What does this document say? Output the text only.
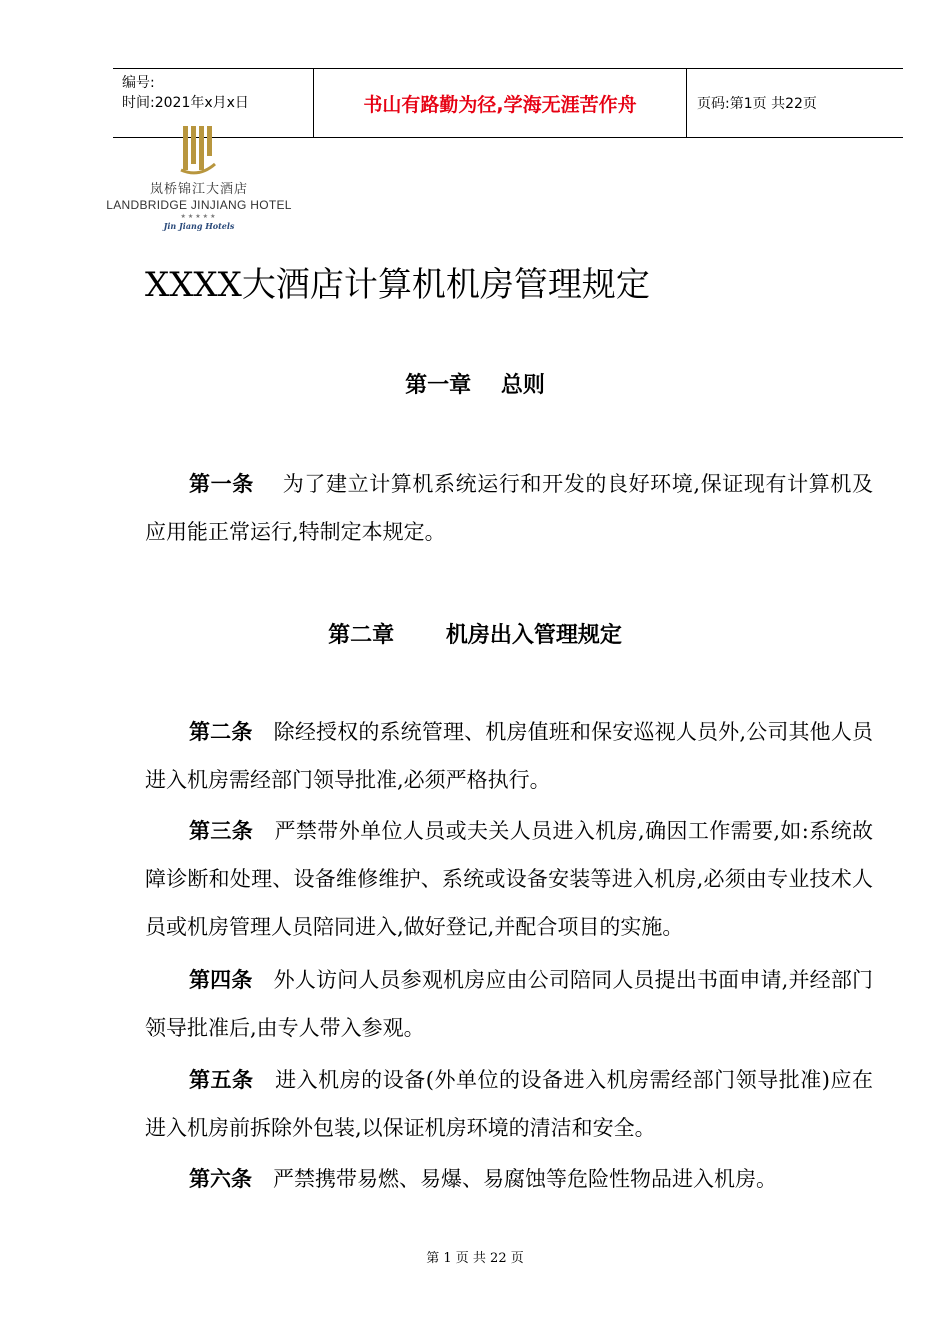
编号:
时间:2021年x月x日	书山有路勤为径,学海无涯苦作舟	页码:第1页 共22页
岚桥锦江大酒店
LANDBRIDGE JINJIANG HOTEL
★★★★★
Jin Jiang Hotels
XXXX大酒店计算机机房管理规定
第一章　 总则

第一条　 为了建立计算机系统运行和开发的良好环境,保证现有计算机及应用能正常运行,特制定本规定。

第二章　　 机房出入管理规定

第二条　 除经授权的系统管理、机房值班和保安巡视人员外,公司其他人员进入机房需经部门领导批准,必须严格执行。

第三条　 严禁带外单位人员或夫关人员进入机房,确因工作需要,如:系统故障诊断和处理、设备维修维护、系统或设备安装等进入机房,必须由专业技术人员或机房管理人员陪同进入,做好登记,并配合项目的实施。

第四条　 外人访问人员参观机房应由公司陪同人员提出书面申请,并经部门领导批准后,由专人带入参观。

第五条　 进入机房的设备(外单位的设备进入机房需经部门领导批准)应在进入机房前拆除外包装,以保证机房环境的清洁和安全。

第六条　 严禁携带易燃、易爆、易腐蚀等危险性物品进入机房。

第 1 页 共 22 页
